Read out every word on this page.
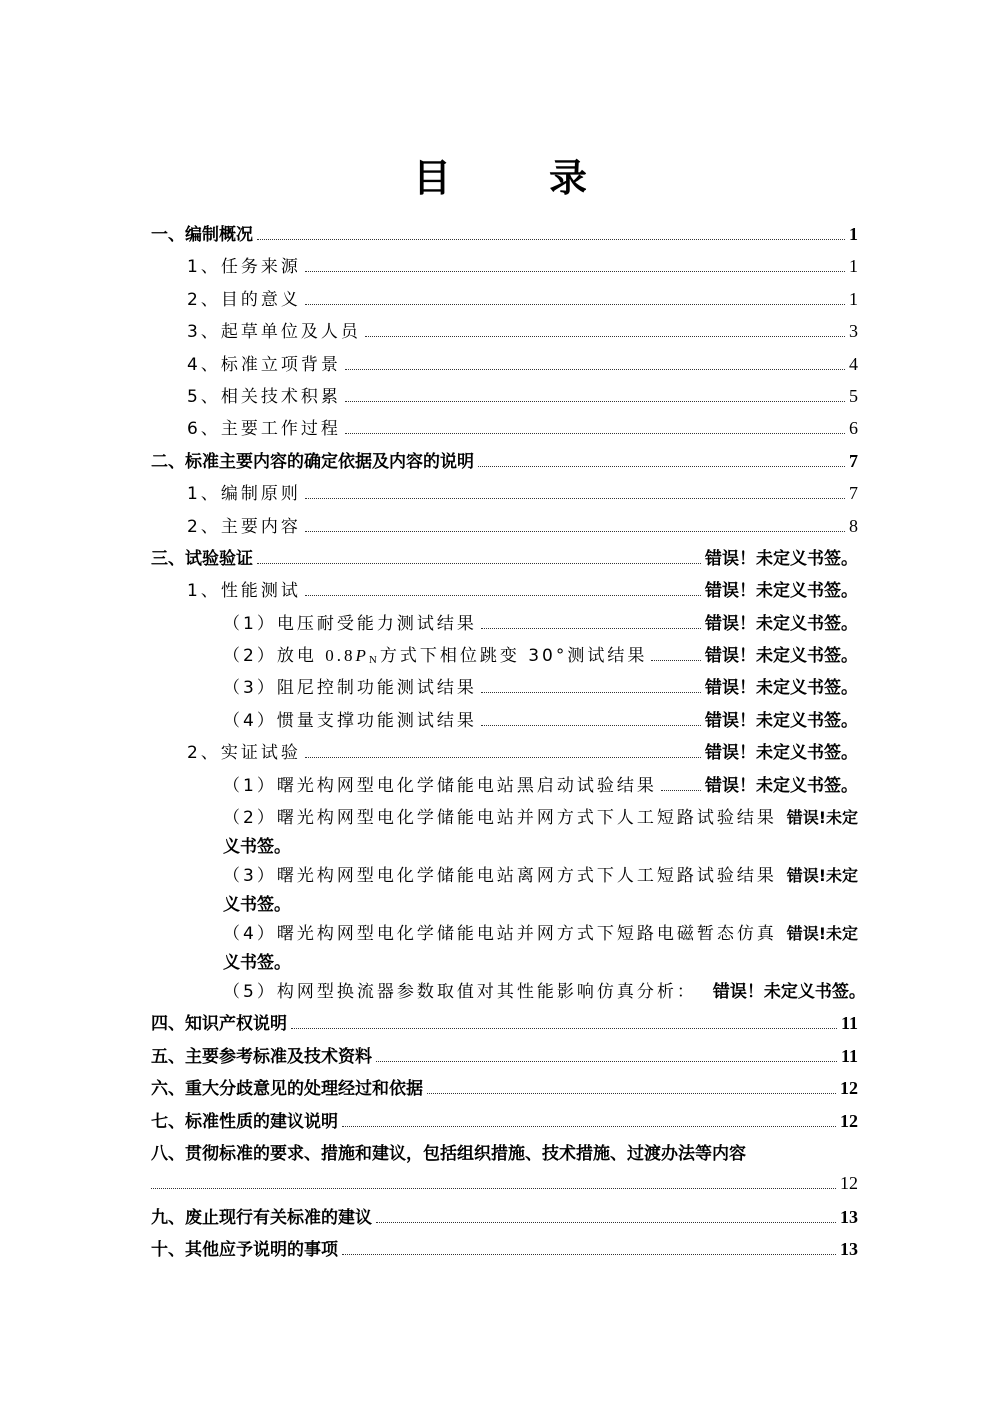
目　录
一、编制概况	1
1、任务来源	1
2、目的意义	1
3、起草单位及人员	3
4、标准立项背景	4
5、相关技术积累	5
6、主要工作过程	6
二、标准主要内容的确定依据及内容的说明	7
1、编制原则	7
2、主要内容	8
三、试验验证	错误！未定义书签。
1、性能测试	错误！未定义书签。
（1）电压耐受能力测试结果	错误！未定义书签。
（2）放电 0.8PN方式下相位跳变 30°测试结果	错误！未定义书签。
（3）阻尼控制功能测试结果	错误！未定义书签。
（4）惯量支撑功能测试结果	错误！未定义书签。
2、实证试验	错误！未定义书签。
（1）曙光构网型电化学储能电站黑启动试验结果	错误！未定义书签。
（2）曙光构网型电化学储能电站并网方式下人工短路试验结果 错误!未定
义书签。
（3）曙光构网型电化学储能电站离网方式下人工短路试验结果 错误!未定
义书签。
（4）曙光构网型电化学储能电站并网方式下短路电磁暂态仿真 错误!未定
义书签。
（5）构网型换流器参数取值对其性能影响仿真分析： 错误！未定义书签。
四、知识产权说明	11
五、主要参考标准及技术资料	11
六、重大分歧意见的处理经过和依据	12
七、标准性质的建议说明	12
八、贯彻标准的要求、措施和建议，包括组织措施、技术措施、过渡办法等内容
12
九、废止现行有关标准的建议	13
十、其他应予说明的事项	13
